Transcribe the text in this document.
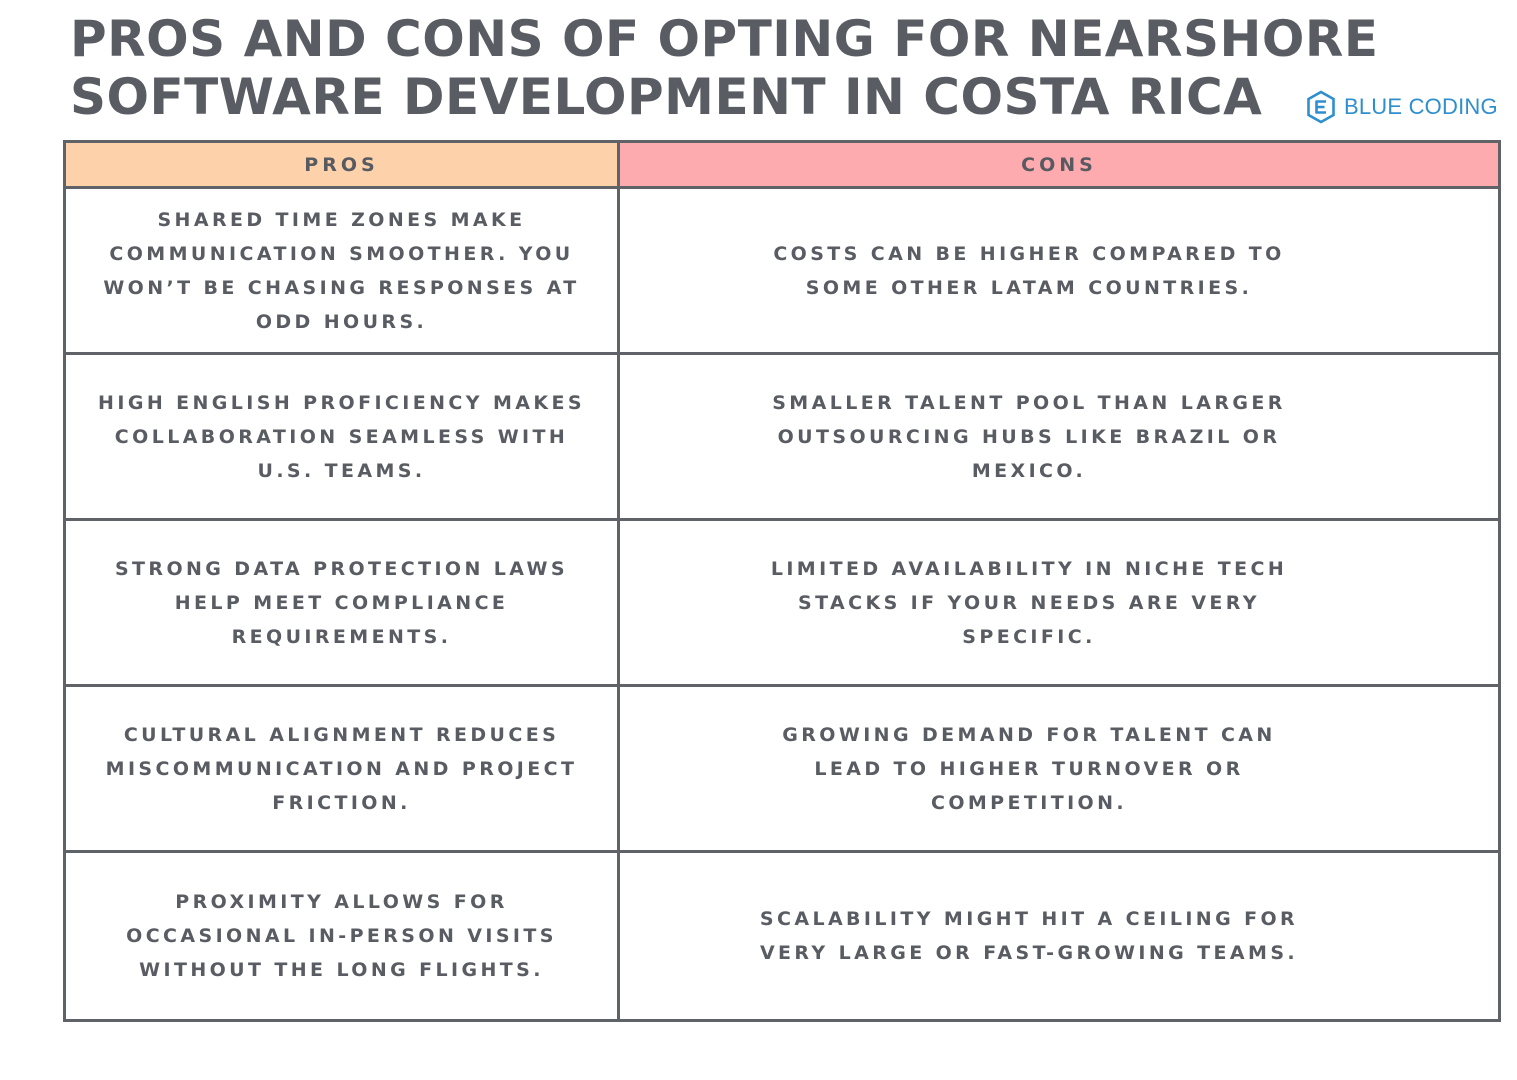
PROS AND CONS OF OPTING FOR NEARSHORE
SOFTWARE DEVELOPMENT IN COSTA RICA	BLUE CODING
PROS	CONS

SHARED TIME ZONES MAKE COMMUNICATION SMOOTHER. YOU WON’T BE CHASING RESPONSES AT ODD HOURS.

COSTS CAN BE HIGHER COMPARED TO SOME OTHER LATAM COUNTRIES.

HIGH ENGLISH PROFICIENCY MAKES COLLABORATION SEAMLESS WITH U.S. TEAMS.

SMALLER TALENT POOL THAN LARGER OUTSOURCING HUBS LIKE BRAZIL OR MEXICO.

STRONG DATA PROTECTION LAWS HELP MEET COMPLIANCE REQUIREMENTS.

LIMITED AVAILABILITY IN NICHE TECH STACKS IF YOUR NEEDS ARE VERY SPECIFIC.

CULTURAL ALIGNMENT REDUCES MISCOMMUNICATION AND PROJECT FRICTION.

GROWING DEMAND FOR TALENT CAN LEAD TO HIGHER TURNOVER OR COMPETITION.

PROXIMITY ALLOWS FOR OCCASIONAL IN-PERSON VISITS WITHOUT THE LONG FLIGHTS.

SCALABILITY MIGHT HIT A CEILING FOR VERY LARGE OR FAST-GROWING TEAMS.
